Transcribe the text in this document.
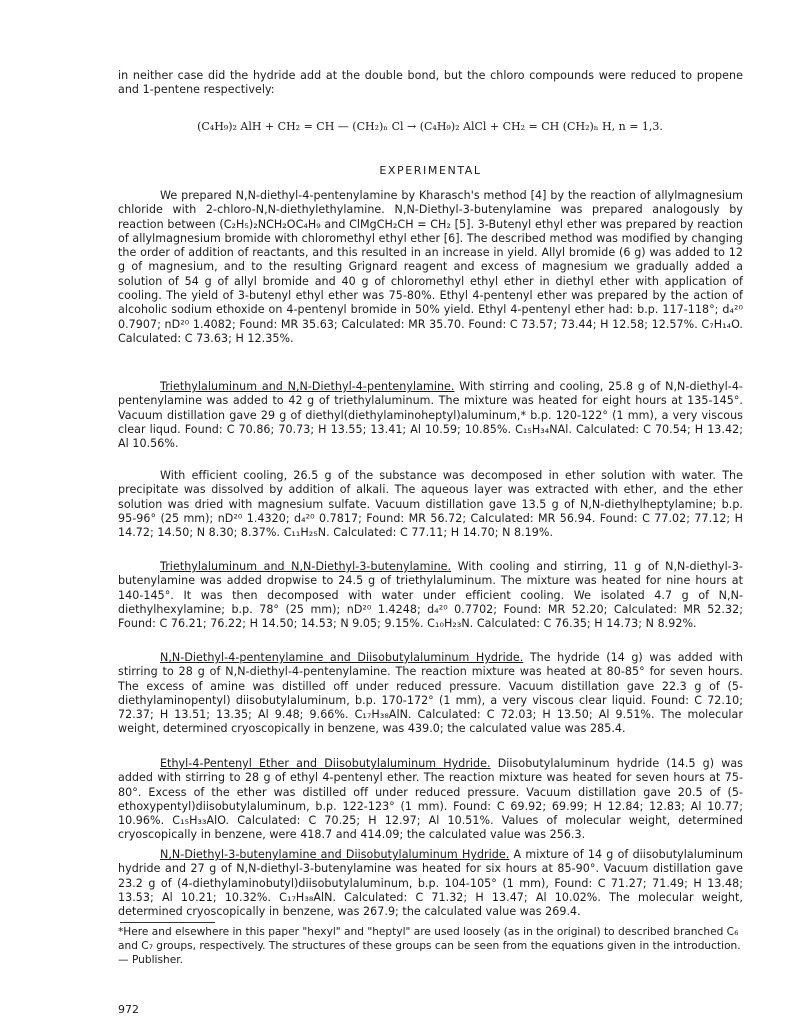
in neither case did the hydride add at the double bond, but the chloro compounds were reduced to propene and 1-pentene respectively:

(C₄H₉)₂ AlH + CH₂ = CH — (CH₂)ₙ Cl → (C₄H₉)₂ AlCl + CH₂ = CH (CH₂)ₙ H, n = 1,3.
EXPERIMENTAL

We prepared N,N-diethyl-4-pentenylamine by Kharasch's method [4] by the reaction of allylmagnesium chloride with 2-chloro-N,N-diethylethylamine. N,N-Diethyl-3-butenylamine was prepared analogously by reaction between (C₂H₅)₂NCH₂OC₄H₉ and ClMgCH₂CH = CH₂ [5]. 3-Butenyl ethyl ether was prepared by reaction of allylmagnesium bromide with chloromethyl ethyl ether [6]. The described method was modified by changing the order of addition of reactants, and this resulted in an increase in yield. Allyl bromide (6 g) was added to 12 g of magnesium, and to the resulting Grignard reagent and excess of magnesium we gradually added a solution of 54 g of allyl bromide and 40 g of chloromethyl ethyl ether in diethyl ether with application of cooling. The yield of 3-butenyl ethyl ether was 75-80%. Ethyl 4-pentenyl ether was prepared by the action of alcoholic sodium ethoxide on 4-pentenyl bromide in 50% yield. Ethyl 4-pentenyl ether had: b.p. 117-118°; d₄²⁰ 0.7907; nD²⁰ 1.4082; Found: MR 35.63; Calculated: MR 35.70. Found: C 73.57; 73.44; H 12.58; 12.57%. C₇H₁₄O. Calculated: C 73.63; H 12.35%.

Triethylaluminum and N,N-Diethyl-4-pentenylamine. With stirring and cooling, 25.8 g of N,N-diethyl-4-pentenylamine was added to 42 g of triethylaluminum. The mixture was heated for eight hours at 135-145°. Vacuum distillation gave 29 g of diethyl(diethylaminoheptyl)aluminum,* b.p. 120-122° (1 mm), a very viscous clear liqud. Found: C 70.86; 70.73; H 13.55; 13.41; Al 10.59; 10.85%. C₁₅H₃₄NAl. Calculated: C 70.54; H 13.42; Al 10.56%.

With efficient cooling, 26.5 g of the substance was decomposed in ether solution with water. The precipitate was dissolved by addition of alkali. The aqueous layer was extracted with ether, and the ether solution was dried with magnesium sulfate. Vacuum distillation gave 13.5 g of N,N-diethylheptylamine; b.p. 95-96° (25 mm); nD²⁰ 1.4320; d₄²⁰ 0.7817; Found: MR 56.72; Calculated: MR 56.94. Found: C 77.02; 77.12; H 14.72; 14.50; N 8.30; 8.37%. C₁₁H₂₅N. Calculated: C 77.11; H 14.70; N 8.19%.

Triethylaluminum and N,N-Diethyl-3-butenylamine. With cooling and stirring, 11 g of N,N-diethyl-3-butenylamine was added dropwise to 24.5 g of triethylaluminum. The mixture was heated for nine hours at 140-145°. It was then decomposed with water under efficient cooling. We isolated 4.7 g of N,N-diethylhexylamine; b.p. 78° (25 mm); nD²⁰ 1.4248; d₄²⁰ 0.7702; Found: MR 52.20; Calculated: MR 52.32; Found: C 76.21; 76.22; H 14.50; 14.53; N 9.05; 9.15%. C₁₀H₂₃N. Calculated: C 76.35; H 14.73; N 8.92%.

N,N-Diethyl-4-pentenylamine and Diisobutylaluminum Hydride. The hydride (14 g) was added with stirring to 28 g of N,N-diethyl-4-pentenylamine. The reaction mixture was heated at 80-85° for seven hours. The excess of amine was distilled off under reduced pressure. Vacuum distillation gave 22.3 g of (5-diethylaminopentyl) diisobutylaluminum, b.p. 170-172° (1 mm), a very viscous clear liquid. Found: C 72.10; 72.37; H 13.51; 13.35; Al 9.48; 9.66%. C₁₇H₃₈AlN. Calculated: C 72.03; H 13.50; Al 9.51%. The molecular weight, determined cryoscopically in benzene, was 439.0; the calculated value was 285.4.

Ethyl-4-Pentenyl Ether and Diisobutylaluminum Hydride. Diisobutylaluminum hydride (14.5 g) was added with stirring to 28 g of ethyl 4-pentenyl ether. The reaction mixture was heated for seven hours at 75-80°. Excess of the ether was distilled off under reduced pressure. Vacuum distillation gave 20.5 of (5-ethoxypentyl)diisobutylaluminum, b.p. 122-123° (1 mm). Found: C 69.92; 69.99; H 12.84; 12.83; Al 10.77; 10.96%. C₁₅H₃₃AlO. Calculated: C 70.25; H 12.97; Al 10.51%. Values of molecular weight, determined cryoscopically in benzene, were 418.7 and 414.09; the calculated value was 256.3.

N,N-Diethyl-3-butenylamine and Diisobutylaluminum Hydride. A mixture of 14 g of diisobutylaluminum hydride and 27 g of N,N-diethyl-3-butenylamine was heated for six hours at 85-90°. Vacuum distillation gave 23.2 g of (4-diethylaminobutyl)diisobutylaluminum, b.p. 104-105° (1 mm), Found: C 71.27; 71.49; H 13.48; 13.53; Al 10.21; 10.32%. C₁₇H₃₈AlN. Calculated: C 71.32; H 13.47; Al 10.02%. The molecular weight, determined cryoscopically in benzene, was 267.9; the calculated value was 269.4.

*Here and elsewhere in this paper "hexyl" and "heptyl" are used loosely (as in the original) to described branched C₆ and C₇ groups, respectively. The structures of these groups can be seen from the equations given in the introduction. — Publisher.

972
